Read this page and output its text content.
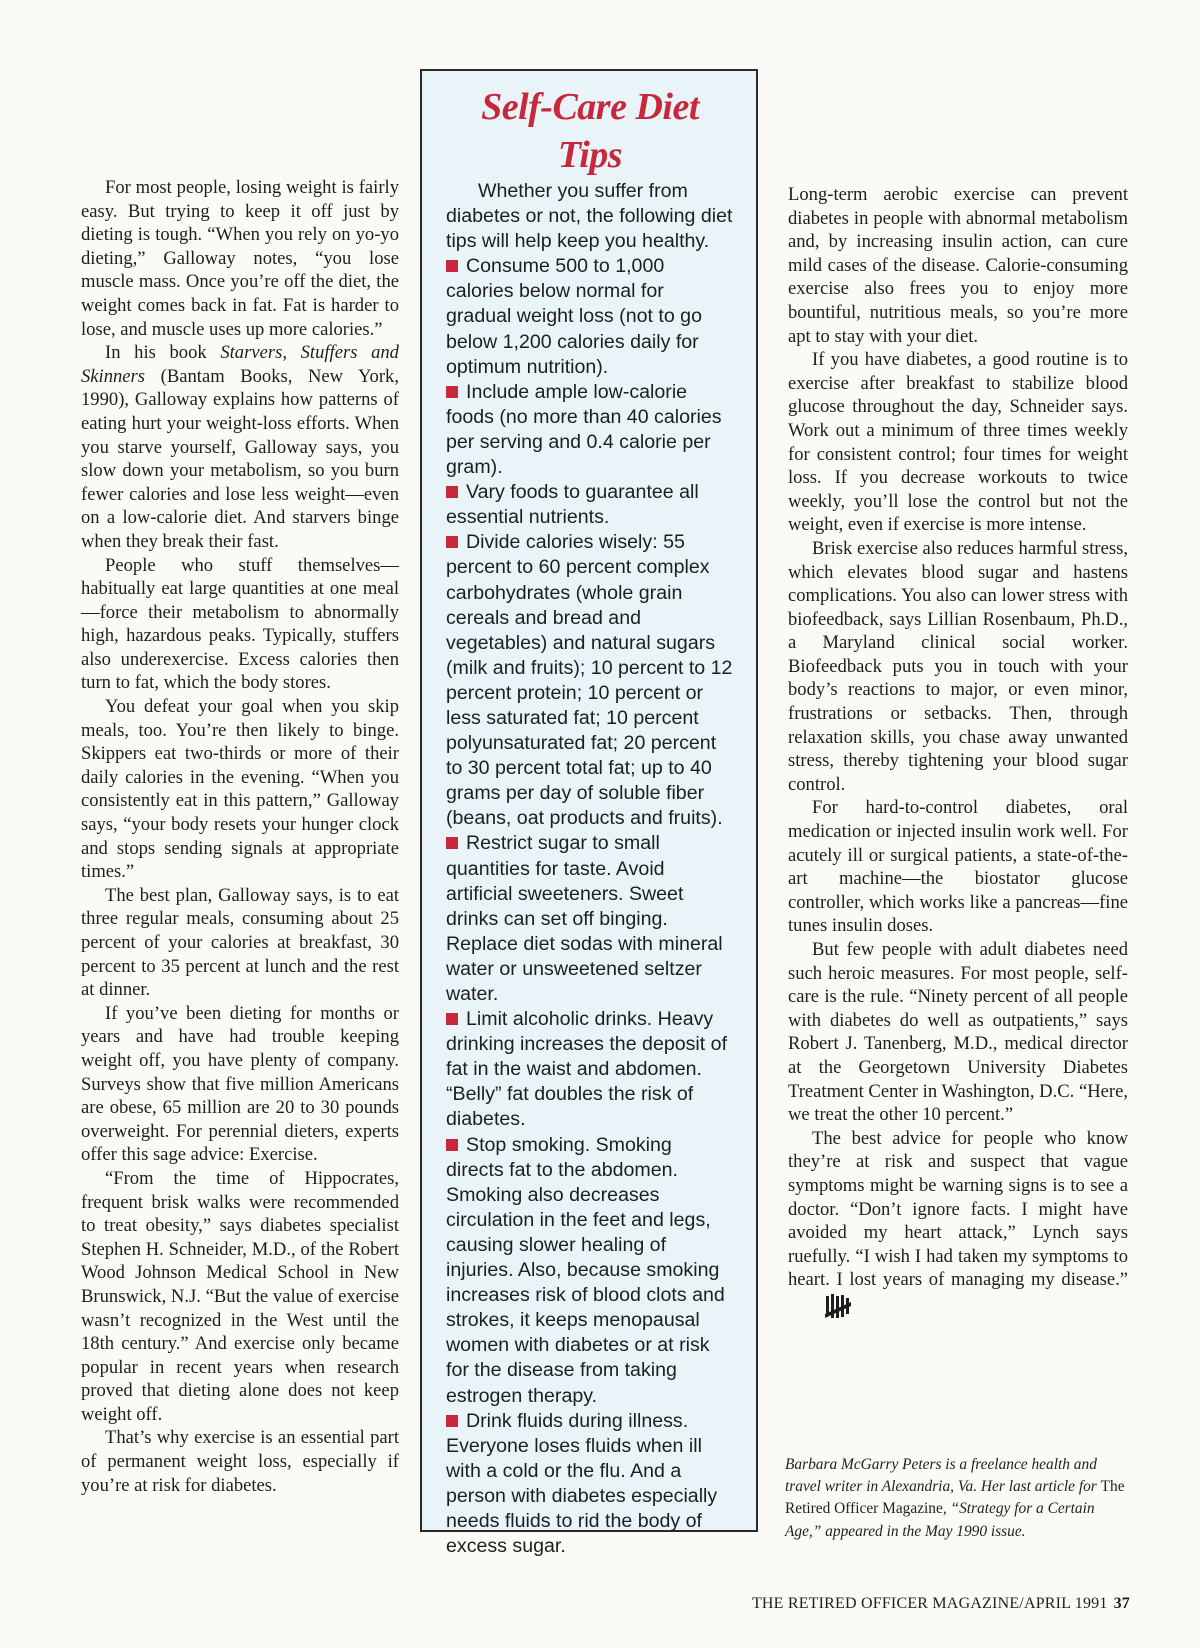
For most people, losing weight is fairly easy. But trying to keep it off just by dieting is tough. “When you rely on yo-yo dieting,” Galloway notes, “you lose muscle mass. Once you’re off the diet, the weight comes back in fat. Fat is harder to lose, and muscle uses up more calories.”

In his book Starvers, Stuffers and Skinners (Bantam Books, New York, 1990), Galloway explains how patterns of eating hurt your weight-loss efforts. When you starve yourself, Galloway says, you slow down your metabolism, so you burn fewer calories and lose less weight—even on a low-calorie diet. And starvers binge when they break their fast.

People who stuff themselves—habitually eat large quantities at one meal—force their metabolism to abnormally high, hazardous peaks. Typically, stuffers also underexercise. Excess calories then turn to fat, which the body stores.

You defeat your goal when you skip meals, too. You’re then likely to binge. Skippers eat two-thirds or more of their daily calories in the evening. “When you consistently eat in this pattern,” Galloway says, “your body resets your hunger clock and stops sending signals at appropriate times.”

The best plan, Galloway says, is to eat three regular meals, consuming about 25 percent of your calories at breakfast, 30 percent to 35 percent at lunch and the rest at dinner.

If you’ve been dieting for months or years and have had trouble keeping weight off, you have plenty of company. Surveys show that five million Americans are obese, 65 million are 20 to 30 pounds overweight. For perennial dieters, experts offer this sage advice: Exercise.

“From the time of Hippocrates, frequent brisk walks were recommended to treat obesity,” says diabetes specialist Stephen H. Schneider, M.D., of the Robert Wood Johnson Medical School in New Brunswick, N.J. “But the value of exercise wasn’t recognized in the West until the 18th century.” And exercise only became popular in recent years when research proved that dieting alone does not keep weight off.

That’s why exercise is an essential part of permanent weight loss, especially if you’re at risk for diabetes.

Self-Care Diet
Tips

Whether you suffer from diabetes or not, the following diet tips will help keep you healthy.

Consume 500 to 1,000 calories below normal for gradual weight loss (not to go below 1,200 calories daily for optimum nutrition).

Include ample low-calorie foods (no more than 40 calories per serving and 0.4 calorie per gram).

Vary foods to guarantee all essential nutrients.

Divide calories wisely: 55 percent to 60 percent complex carbohydrates (whole grain cereals and bread and vegetables) and natural sugars (milk and fruits); 10 percent to 12 percent protein; 10 percent or less saturated fat; 10 percent polyunsaturated fat; 20 percent to 30 percent total fat; up to 40 grams per day of soluble fiber (beans, oat products and fruits).

Restrict sugar to small quantities for taste. Avoid artificial sweeteners. Sweet drinks can set off binging. Replace diet sodas with mineral water or unsweetened seltzer water.

Limit alcoholic drinks. Heavy drinking increases the deposit of fat in the waist and abdomen. “Belly” fat doubles the risk of diabetes.

Stop smoking. Smoking directs fat to the abdomen. Smoking also decreases circulation in the feet and legs, causing slower healing of injuries. Also, because smoking increases risk of blood clots and strokes, it keeps menopausal women with diabetes or at risk for the disease from taking estrogen therapy.

Drink fluids during illness. Everyone loses fluids when ill with a cold or the flu. And a person with diabetes especially needs fluids to rid the body of excess sugar.

Long-term aerobic exercise can prevent diabetes in people with abnormal metabolism and, by increasing insulin action, can cure mild cases of the disease. Calorie-consuming exercise also frees you to enjoy more bountiful, nutritious meals, so you’re more apt to stay with your diet.

If you have diabetes, a good routine is to exercise after breakfast to stabilize blood glucose throughout the day, Schneider says. Work out a minimum of three times weekly for consistent control; four times for weight loss. If you decrease workouts to twice weekly, you’ll lose the control but not the weight, even if exercise is more intense.

Brisk exercise also reduces harmful stress, which elevates blood sugar and hastens complications. You also can lower stress with biofeedback, says Lillian Rosenbaum, Ph.D., a Maryland clinical social worker. Biofeedback puts you in touch with your body’s reactions to major, or even minor, frustrations or setbacks. Then, through relaxation skills, you chase away unwanted stress, thereby tightening your blood sugar control.

For hard-to-control diabetes, oral medication or injected insulin work well. For acutely ill or surgical patients, a state-of-the-art machine—the biostator glucose controller, which works like a pancreas—fine tunes insulin doses.

But few people with adult diabetes need such heroic measures. For most people, self-care is the rule. “Ninety percent of all people with diabetes do well as outpatients,” says Robert J. Tanenberg, M.D., medical director at the Georgetown University Diabetes Treatment Center in Washington, D.C. “Here, we treat the other 10 percent.”

The best advice for people who know they’re at risk and suspect that vague symptoms might be warning signs is to see a doctor. “Don’t ignore facts. I might have avoided my heart attack,” Lynch says ruefully. “I wish I had taken my symptoms to heart. I lost years of managing my disease.”

Barbara McGarry Peters is a freelance health and travel writer in Alexandria, Va. Her last article for The Retired Officer Magazine, “Strategy for a Certain Age,” appeared in the May 1990 issue.
THE RETIRED OFFICER MAGAZINE/APRIL 1991 37
